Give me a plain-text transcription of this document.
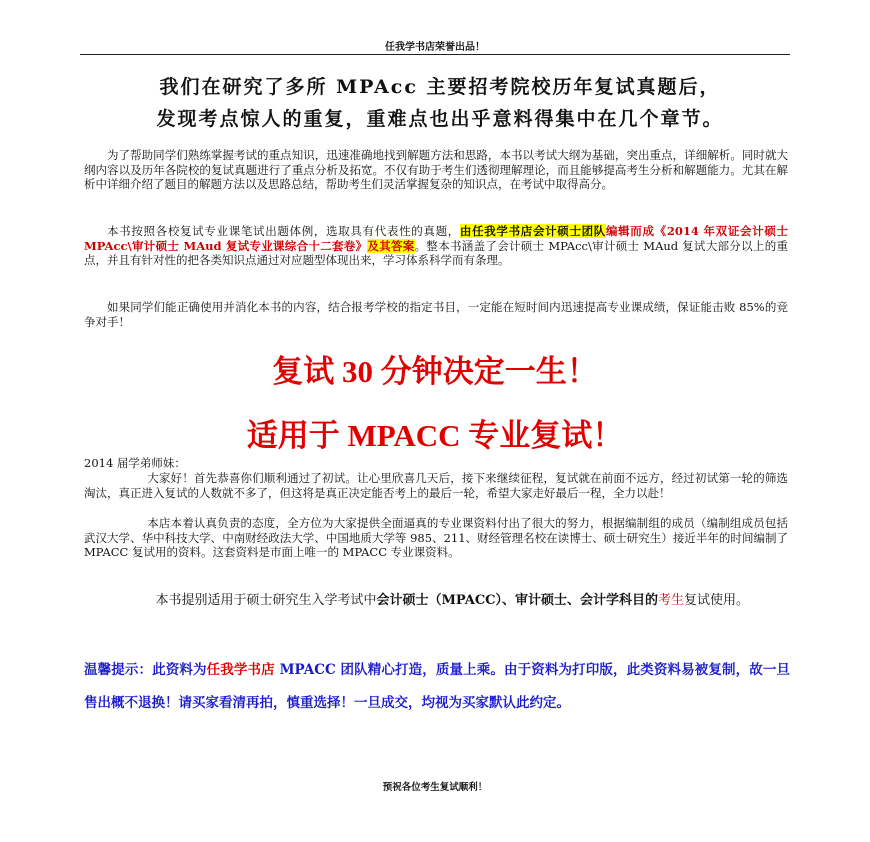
任我学书店荣誉出品！
我们在研究了多所 MPAcc 主要招考院校历年复试真题后，
发现考点惊人的重复，重难点也出乎意料得集中在几个章节。
为了帮助同学们熟练掌握考试的重点知识，迅速准确地找到解题方法和思路，本书以考试大纲为基础，突出重点，详细解析。同时就大纲内容以及历年各院校的复试真题进行了重点分析及拓宽。不仅有助于考生们透彻理解理论，而且能够提高考生分析和解题能力。尤其在解析中详细介绍了题目的解题方法以及思路总结，帮助考生们灵活掌握复杂的知识点，在考试中取得高分。
本书按照各校复试专业课笔试出题体例，选取具有代表性的真题，由任我学书店会计硕士团队编辑而成《2014 年双证会计硕士 MPAcc\审计硕士 MAud 复试专业课综合十二套卷》及其答案。整本书涵盖了会计硕士 MPAcc\审计硕士 MAud 复试大部分以上的重点，并且有针对性的把各类知识点通过对应题型体现出来，学习体系科学而有条理。
如果同学们能正确使用并消化本书的内容，结合报考学校的指定书目，一定能在短时间内迅速提高专业课成绩，保证能击败 85%的竞争对手！
复试 30 分钟决定一生！
适用于 MPACC 专业复试！
2014 届学弟师妹：
大家好！首先恭喜你们顺利通过了初试。让心里欣喜几天后，接下来继续征程，复试就在前面不远方，经过初试第一轮的筛选淘汰，真正进入复试的人数就不多了，但这将是真正决定能否考上的最后一轮，希望大家走好最后一程，全力以赴！
本店本着认真负责的态度，全方位为大家提供全面逼真的专业课资料付出了很大的努力，根据编制组的成员（编制组成员包括武汉大学、华中科技大学、中南财经政法大学、中国地质大学等 985、211、财经管理名校在读博士、硕士研究生）接近半年的时间编制了 MPACC 复试用的资料。这套资料是市面上唯一的 MPACC 专业课资料。
本书提别适用于硕士研究生入学考试中会计硕士（MPACC）、审计硕士、会计学科目的考生复试使用。
温馨提示：此资料为任我学书店 MPACC 团队精心打造，质量上乘。由于资料为打印版，此类资料易被复制，故一旦售出概不退换！请买家看清再拍，慎重选择！一旦成交，均视为买家默认此约定。
预祝各位考生复试顺利！
